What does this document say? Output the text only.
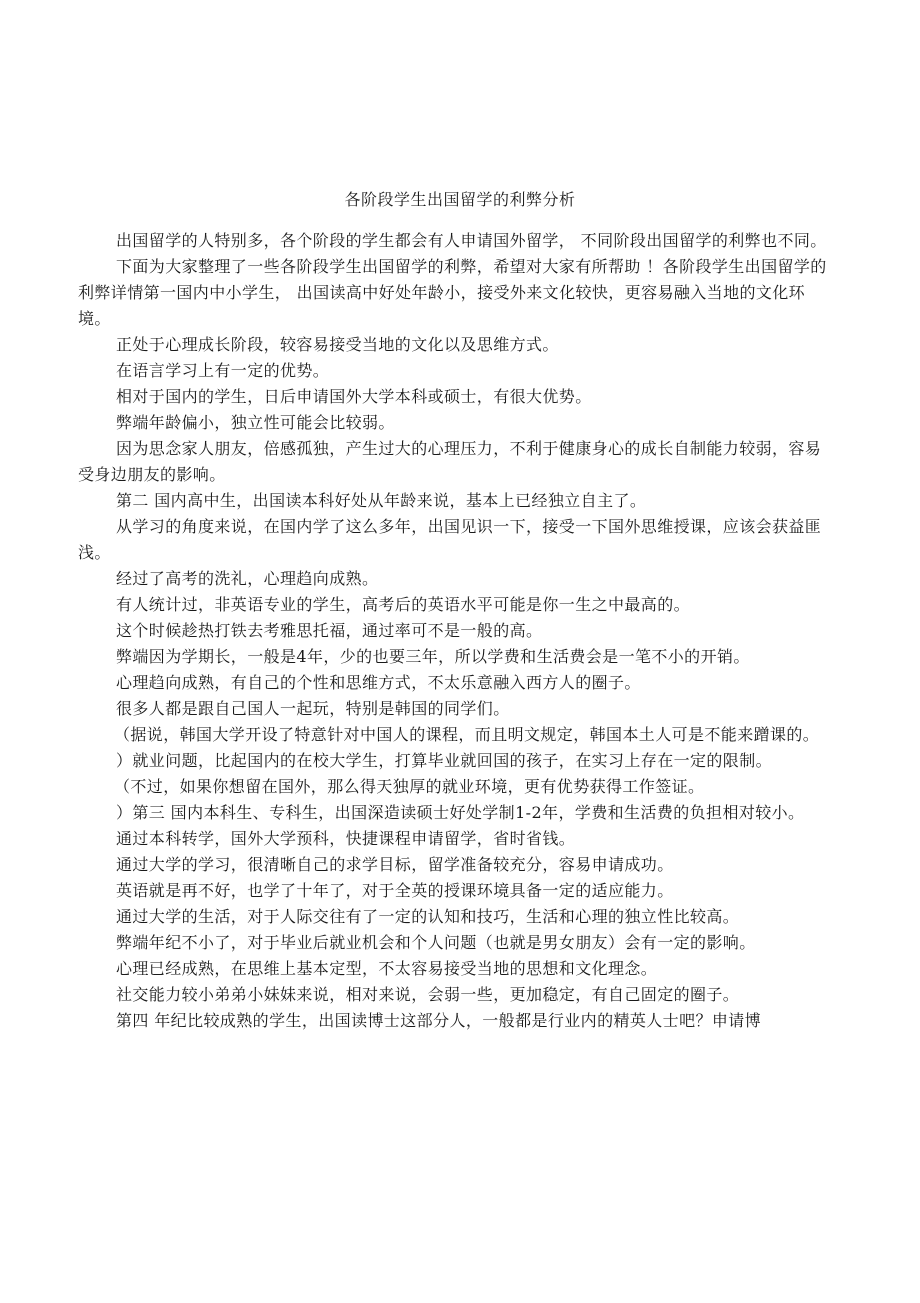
各阶段学生出国留学的利弊分析

出国留学的人特别多，各个阶段的学生都会有人申请国外留学， 不同阶段出国留学的利弊也不同。

下面为大家整理了一些各阶段学生出国留学的利弊，希望对大家有所帮助 ！各阶段学生出国留学的利弊详情第一国内中小学生， 出国读高中好处年龄小，接受外来文化较快，更容易融入当地的文化环境。

正处于心理成长阶段，较容易接受当地的文化以及思维方式。

在语言学习上有一定的优势。

相对于国内的学生，日后申请国外大学本科或硕士，有很大优势。

弊端年龄偏小，独立性可能会比较弱。

因为思念家人朋友，倍感孤独，产生过大的心理压力，不利于健康身心的成长自制能力较弱，容易受身边朋友的影响。

第二 国内高中生，出国读本科好处从年龄来说，基本上已经独立自主了。

从学习的角度来说，在国内学了这么多年，出国见识一下，接受一下国外思维授课，应该会获益匪浅。

经过了高考的洗礼，心理趋向成熟。

有人统计过，非英语专业的学生，高考后的英语水平可能是你一生之中最高的。

这个时候趁热打铁去考雅思托福，通过率可不是一般的高。

弊端因为学期长，一般是4年，少的也要三年，所以学费和生活费会是一笔不小的开销。

心理趋向成熟，有自己的个性和思维方式，不太乐意融入西方人的圈子。

很多人都是跟自己国人一起玩，特别是韩国的同学们。

（据说，韩国大学开设了特意针对中国人的课程，而且明文规定，韩国本土人可是不能来蹭课的。

）就业问题，比起国内的在校大学生，打算毕业就回国的孩子，在实习上存在一定的限制。

（不过，如果你想留在国外，那么得天独厚的就业环境，更有优势获得工作签证。

）第三 国内本科生、专科生，出国深造读硕士好处学制1-2年，学费和生活费的负担相对较小。

通过本科转学，国外大学预科，快捷课程申请留学，省时省钱。

通过大学的学习，很清晰自己的求学目标，留学准备较充分，容易申请成功。

英语就是再不好，也学了十年了，对于全英的授课环境具备一定的适应能力。

通过大学的生活，对于人际交往有了一定的认知和技巧，生活和心理的独立性比较高。

弊端年纪不小了，对于毕业后就业机会和个人问题（也就是男女朋友）会有一定的影响。

心理已经成熟，在思维上基本定型，不太容易接受当地的思想和文化理念。

社交能力较小弟弟小妹妹来说，相对来说，会弱一些，更加稳定，有自己固定的圈子。

第四 年纪比较成熟的学生，出国读博士这部分人，一般都是行业内的精英人士吧？申请博
